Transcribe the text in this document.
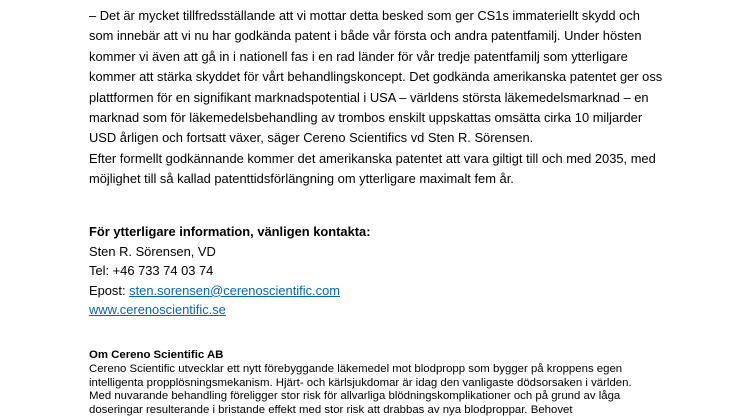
– Det är mycket tillfredsställande att vi mottar detta besked som ger CS1s immateriellt skydd och
som innebär att vi nu har godkända patent i både vår första och andra patentfamilj. Under hösten
kommer vi även att gå in i nationell fas i en rad länder för vår tredje patentfamilj som ytterligare
kommer att stärka skyddet för vårt behandlingskoncept. Det godkända amerikanska patentet ger oss
plattformen för en signifikant marknadspotential i USA – världens största läkemedelsmarknad – en
marknad som för läkemedelsbehandling av trombos enskilt uppskattas omsätta cirka 10 miljarder
USD årligen och fortsatt växer, säger Cereno Scientifics vd Sten R. Sörensen.

Efter formellt godkännande kommer det amerikanska patentet att vara giltigt till och med 2035, med
möjlighet till så kallad patenttidsförlängning om ytterligare maximalt fem år.

För ytterligare information, vänligen kontakta:
Sten R. Sörensen, VD
Tel: +46 733 74 03 74
Epost: sten.sorensen@cerenoscientific.com
www.cerenoscientific.se
Om Cereno Scientific AB
Cereno Scientific utvecklar ett nytt förebyggande läkemedel mot blodpropp som bygger på kroppens egen
intelligenta propplösningsmekanism. Hjärt- och kärlsjukdomar är idag den vanligaste dödsorsaken i världen.
Med nuvarande behandling föreligger stor risk för allvarliga blödningskomplikationer och på grund av låga
doseringar resulterande i bristande effekt med stor risk att drabbas av nya blodproppar. Behovet
